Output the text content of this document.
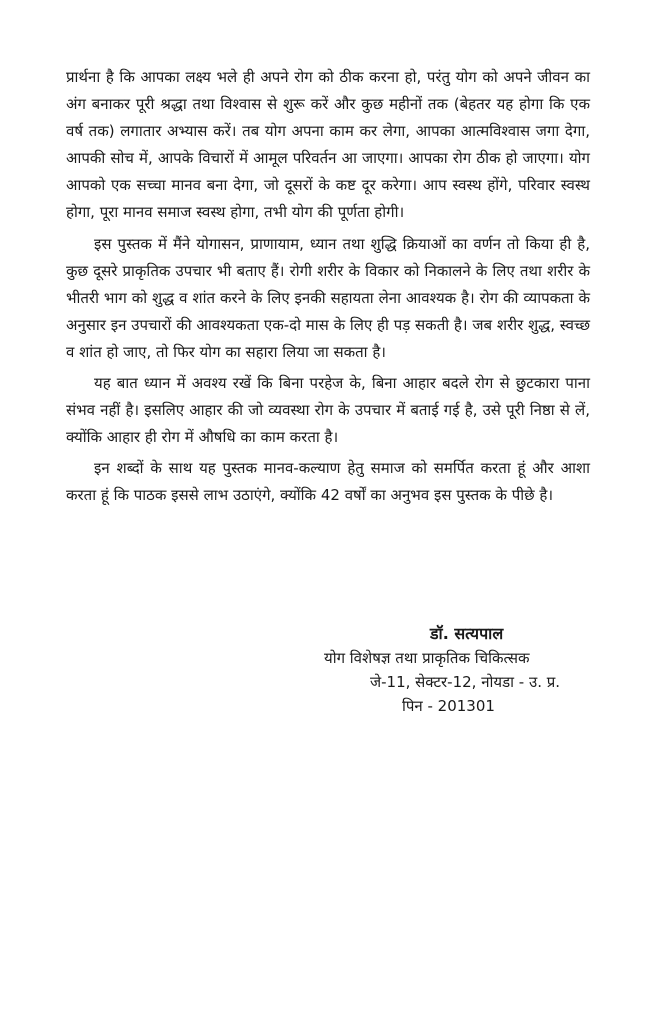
प्रार्थना है कि आपका लक्ष्य भले ही अपने रोग को ठीक करना हो, परंतु योग को अपने जीवन का अंग बनाकर पूरी श्रद्धा तथा विश्वास से शुरू करें और कुछ महीनों तक (बेहतर यह होगा कि एक वर्ष तक) लगातार अभ्यास करें। तब योग अपना काम कर लेगा, आपका आत्मविश्वास जगा देगा, आपकी सोच में, आपके विचारों में आमूल परिवर्तन आ जाएगा। आपका रोग ठीक हो जाएगा। योग आपको एक सच्चा मानव बना देगा, जो दूसरों के कष्ट दूर करेगा। आप स्वस्थ होंगे, परिवार स्वस्थ होगा, पूरा मानव समाज स्वस्थ होगा, तभी योग की पूर्णता होगी।

इस पुस्तक में मैंने योगासन, प्राणायाम, ध्यान तथा शुद्धि क्रियाओं का वर्णन तो किया ही है, कुछ दूसरे प्राकृतिक उपचार भी बताए हैं। रोगी शरीर के विकार को निकालने के लिए तथा शरीर के भीतरी भाग को शुद्ध व शांत करने के लिए इनकी सहायता लेना आवश्यक है। रोग की व्यापकता के अनुसार इन उपचारों की आवश्यकता एक-दो मास के लिए ही पड़ सकती है। जब शरीर शुद्ध, स्वच्छ व शांत हो जाए, तो फिर योग का सहारा लिया जा सकता है।

यह बात ध्यान में अवश्य रखें कि बिना परहेज के, बिना आहार बदले रोग से छुटकारा पाना संभव नहीं है। इसलिए आहार की जो व्यवस्था रोग के उपचार में बताई गई है, उसे पूरी निष्ठा से लें, क्योंकि आहार ही रोग में औषधि का काम करता है।

इन शब्दों के साथ यह पुस्तक मानव-कल्याण हेतु समाज को समर्पित करता हूं और आशा करता हूं कि पाठक इससे लाभ उठाएंगे, क्योंकि 42 वर्षों का अनुभव इस पुस्तक के पीछे है।

डॉ. सत्यपाल
योग विशेषज्ञ तथा प्राकृतिक चिकित्सक
जे-11, सेक्टर-12, नोयडा - उ. प्र.
पिन - 201301
